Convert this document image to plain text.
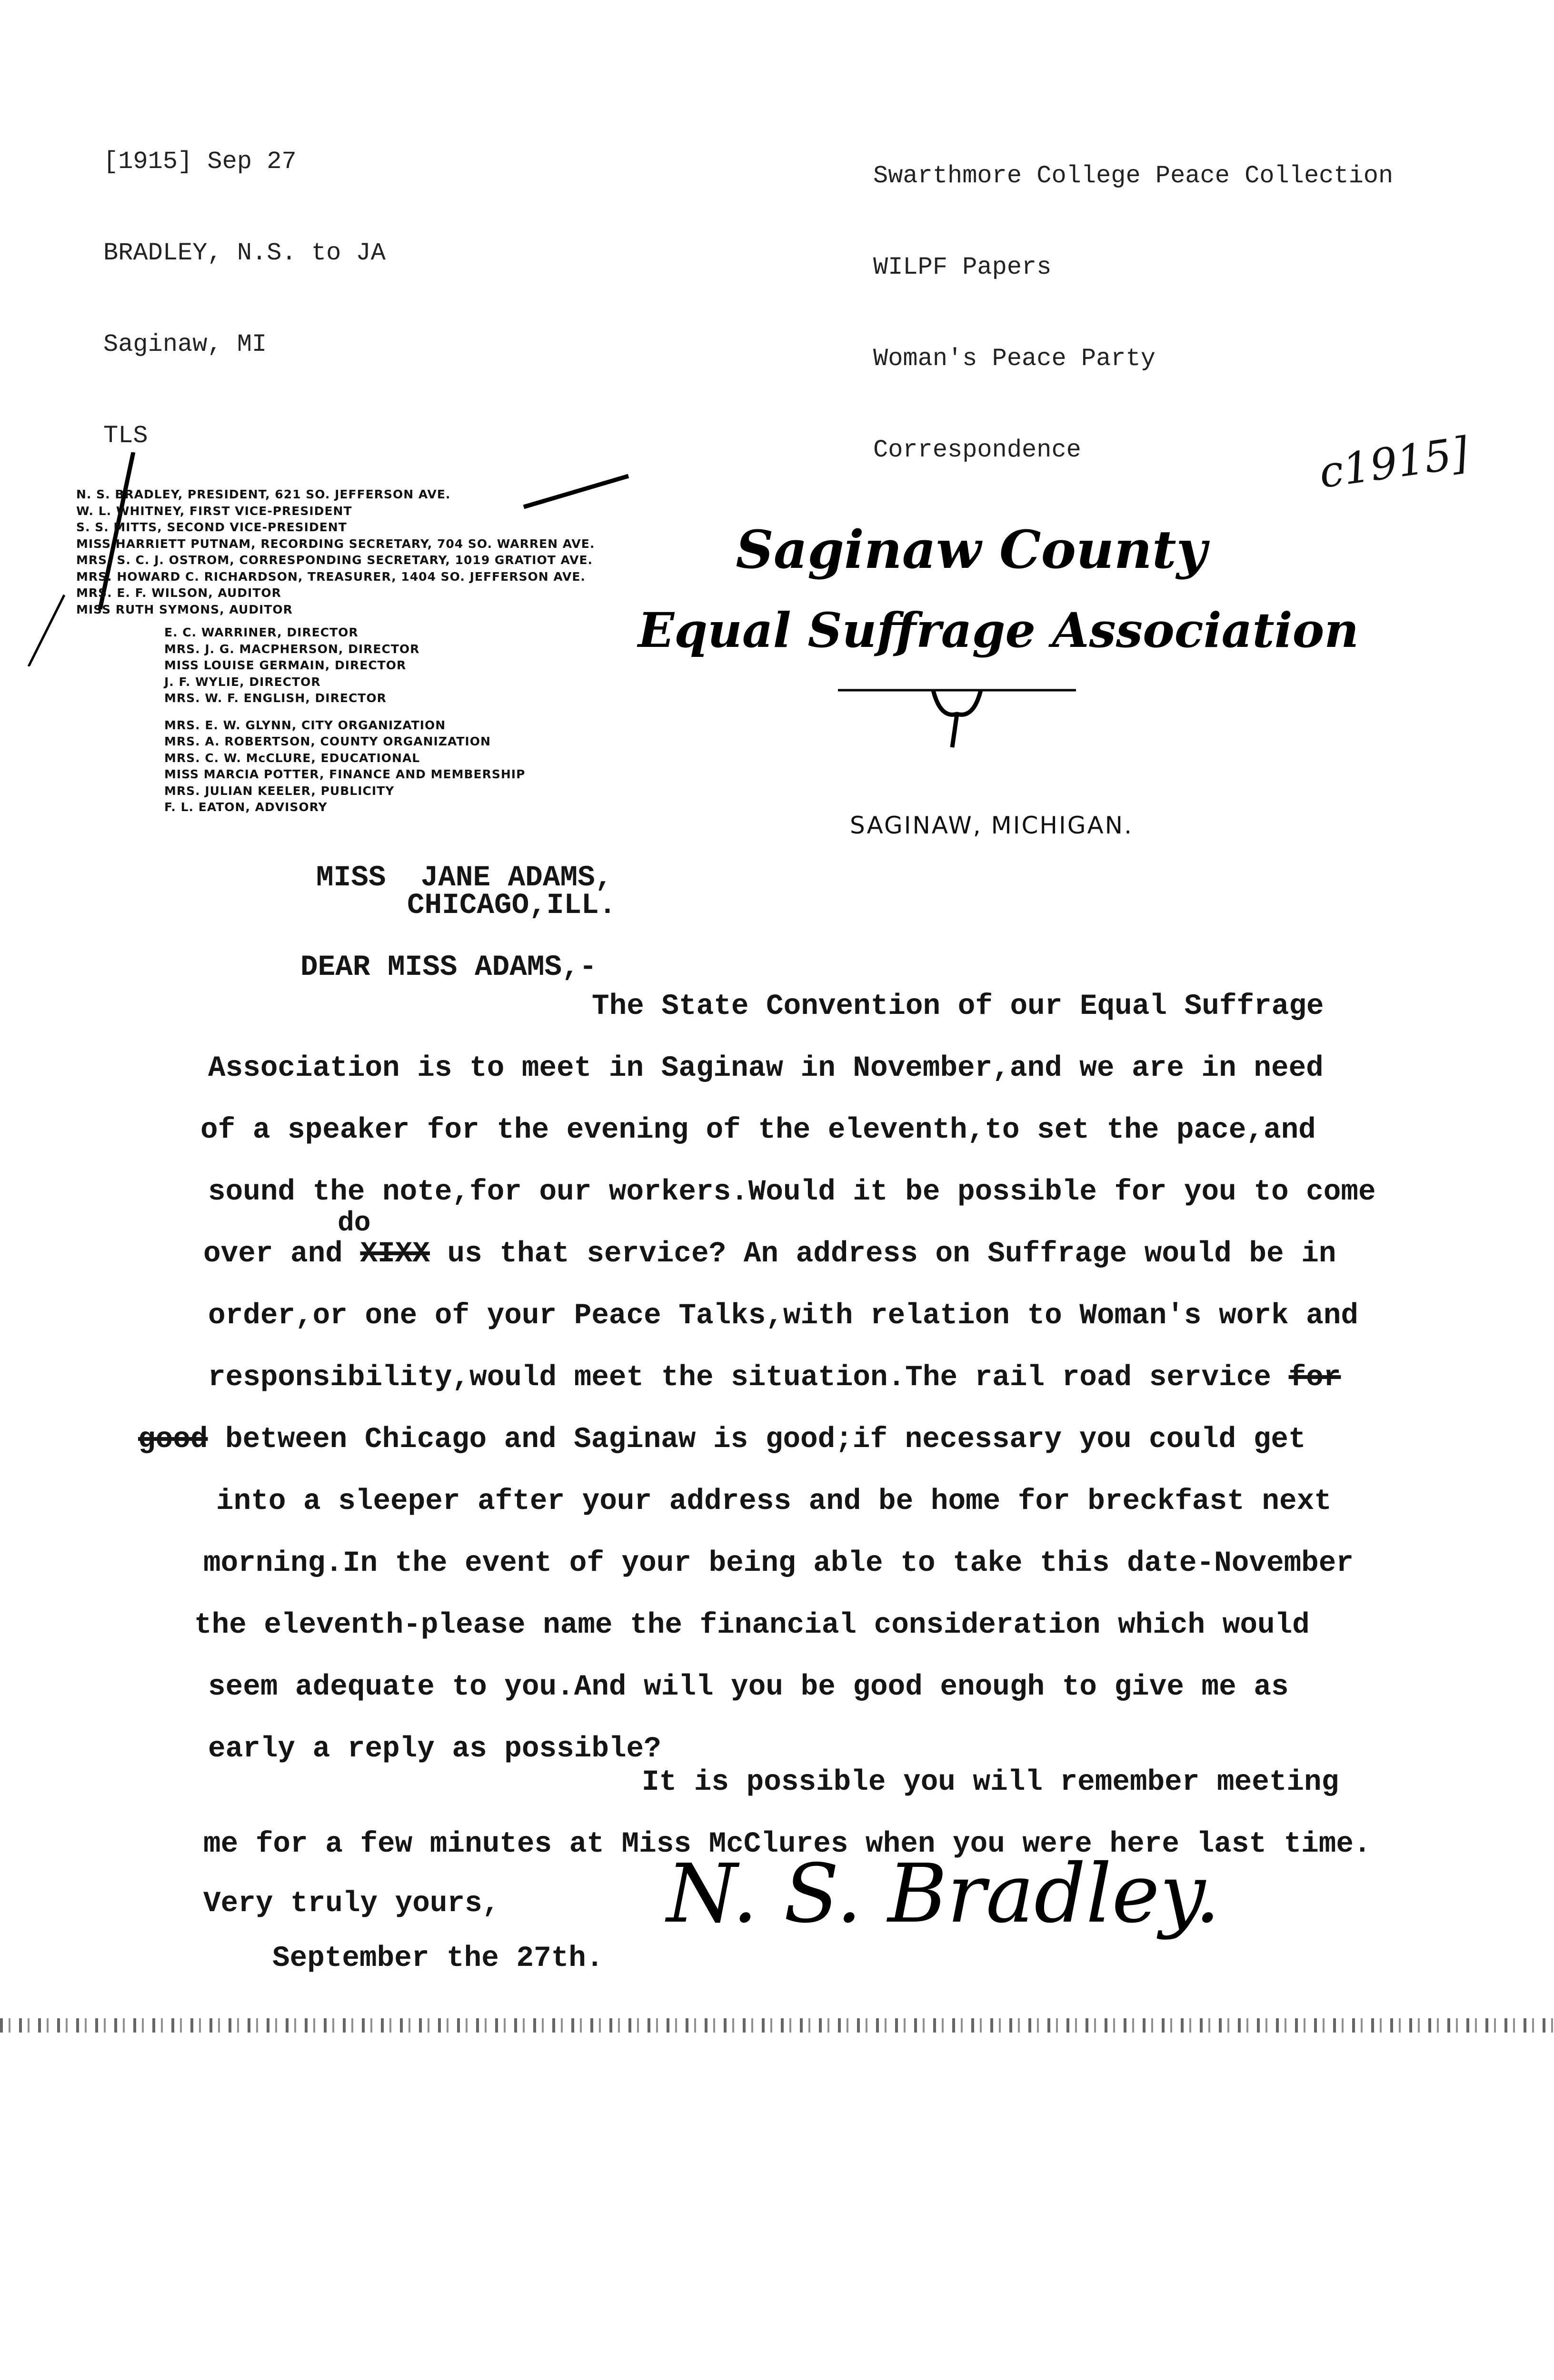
[1915] Sep 27

BRADLEY, N.S. to JA

Saginaw, MI

TLS

Swarthmore College Peace Collection

WILPF Papers

Woman's Peace Party

Correspondence	c1915]
N. S. BRADLEY, PRESIDENT, 621 SO. JEFFERSON AVE.
W. L. WHITNEY, FIRST VICE-PRESIDENT
S. S. MITTS, SECOND VICE-PRESIDENT
MISS HARRIETT PUTNAM, RECORDING SECRETARY, 704 SO. WARREN AVE.
MRS. S. C. J. OSTROM, CORRESPONDING SECRETARY, 1019 GRATIOT AVE.
MRS. HOWARD C. RICHARDSON, TREASURER, 1404 SO. JEFFERSON AVE.
MRS. E. F. WILSON, AUDITOR
MISS RUTH SYMONS, AUDITOR
E. C. WARRINER, DIRECTOR
MRS. J. G. MACPHERSON, DIRECTOR
MISS LOUISE GERMAIN, DIRECTOR
J. F. WYLIE, DIRECTOR
MRS. W. F. ENGLISH, DIRECTOR
MRS. E. W. GLYNN, CITY ORGANIZATION
MRS. A. ROBERTSON, COUNTY ORGANIZATION
MRS. C. W. McCLURE, EDUCATIONAL
MISS MARCIA POTTER, FINANCE AND MEMBERSHIP
MRS. JULIAN KEELER, PUBLICITY
F. L. EATON, ADVISORY
Saginaw County
Equal Suffrage Association
SAGINAW, MICHIGAN.
MISS  JANE ADAMS,
CHICAGO,ILL.
DEAR MISS ADAMS,-
The State Convention of our Equal Suffrage
Association is to meet in Saginaw in November,and we are in need
of a speaker for the evening of the eleventh,to set the pace,and
sound the note,for our workers.Would it be possible for you to come
over and XIXX us that service? An address on Suffrage would be in
do
order,or one of your Peace Talks,with relation to Woman's work and
responsibility,would meet the situation.The rail road service for
good between Chicago and Saginaw is good;if necessary you could get
into a sleeper after your address and be home for breckfast next
morning.In the event of your being able to take this date-November
the eleventh-please name the financial consideration which would
seem adequate to you.And will you be good enough to give me as
early a reply as possible?
It is possible you will remember meeting
me for a few minutes at Miss McClures when you were here last time.
Very truly yours,
September the 27th.
N. S. Bradley.
